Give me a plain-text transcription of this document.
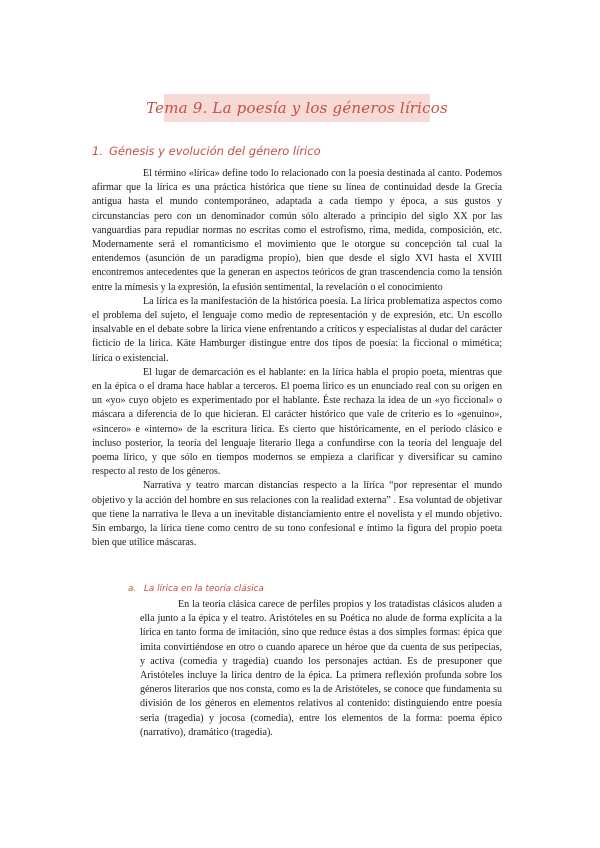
Tema 9. La poesía y los géneros líricos
1. Génesis y evolución del género lírico

El término «lírica» define todo lo relacionado con la poesía destinada al canto. Podemos afirmar que la lírica es una práctica histórica que tiene su línea de continuidad desde la Grecia antigua hasta el mundo contemporáneo, adaptada a cada tiempo y época, a sus gustos y circunstancias pero con un denominador común sólo alterado a principio del siglo XX por las vanguardias para repudiar normas no escritas como el estrofismo, rima, medida, composición, etc. Modernamente será el romanticismo el movimiento que le otorgue su concepción tal cual la entendemos (asunción de un paradigma propio), bien que desde el siglo XVI hasta el XVIII encontremos antecedentes que la generan en aspectos teóricos de gran trascendencia como la tensión entre la mímesis y la expresión, la efusión sentimental, la revelación o el conocimiento

La lírica es la manifestación de la histórica poesía. La lírica problematiza aspectos como el problema del sujeto, el lenguaje como medio de representación y de expresión, etc. Un escollo insalvable en el debate sobre la lírica viene enfrentando a críticos y especialistas al dudar del carácter ficticio de la lírica. Käte Hamburger distingue entre dos tipos de poesía: la ficcional o mimética; lírica o existencial.

El lugar de demarcación es el hablante: en la lírica habla el propio poeta, mientras que en la épica o el drama hace hablar a terceros. El poema lírico es un enunciado real con su origen en un «yo» cuyo objeto es experimentado por el hablante. Éste rechaza la idea de un «yo ficcional» o máscara a diferencia de lo que hicieran. El carácter histórico que vale de criterio es lo «genuino», «sincero» e «interno» de la escritura lírica. Es cierto que históricamente, en el periodo clásico e incluso posterior, la teoría del lenguaje literario llega a confundirse con la teoría del lenguaje del poema lírico, y que sólo en tiempos modernos se empieza a clarificar y diversificar su camino respecto al resto de los géneros.

Narrativa y teatro marcan distancias respecto a la lírica “por representar el mundo objetivo y la acción del hombre en sus relaciones con la realidad externa” . Esa voluntad de objetivar que tiene la narrativa le lleva a un inevitable distanciamiento entre el novelista y el mundo objetivo. Sin embargo, la lírica tiene como centro de su tono confesional e íntimo la figura del propio poeta bien que utilice máscaras.

a. La lírica en la teoría clásica

En la teoría clásica carece de perfiles propios y los tratadistas clásicos aluden a ella junto a la épica y el teatro. Aristóteles en su Poética no alude de forma explícita a la lírica en tanto forma de imitación, sino que reduce éstas a dos simples formas: épica que imita convirtiéndose en otro o cuando aparece un héroe que da cuenta de sus peripecias, y activa (comedia y tragedia) cuando los personajes actúan. Es de presuponer que Aristóteles incluye la lírica dentro de la épica. La primera reflexión profunda sobre los géneros literarios que nos consta, como es la de Aristóteles, se conoce que fundamenta su división de los géneros en elementos relativos al contenido: distinguiendo entre poesía seria (tragedia) y jocosa (comedia), entre los elementos de la forma: poema épico (narrativo), dramático (tragedia).
